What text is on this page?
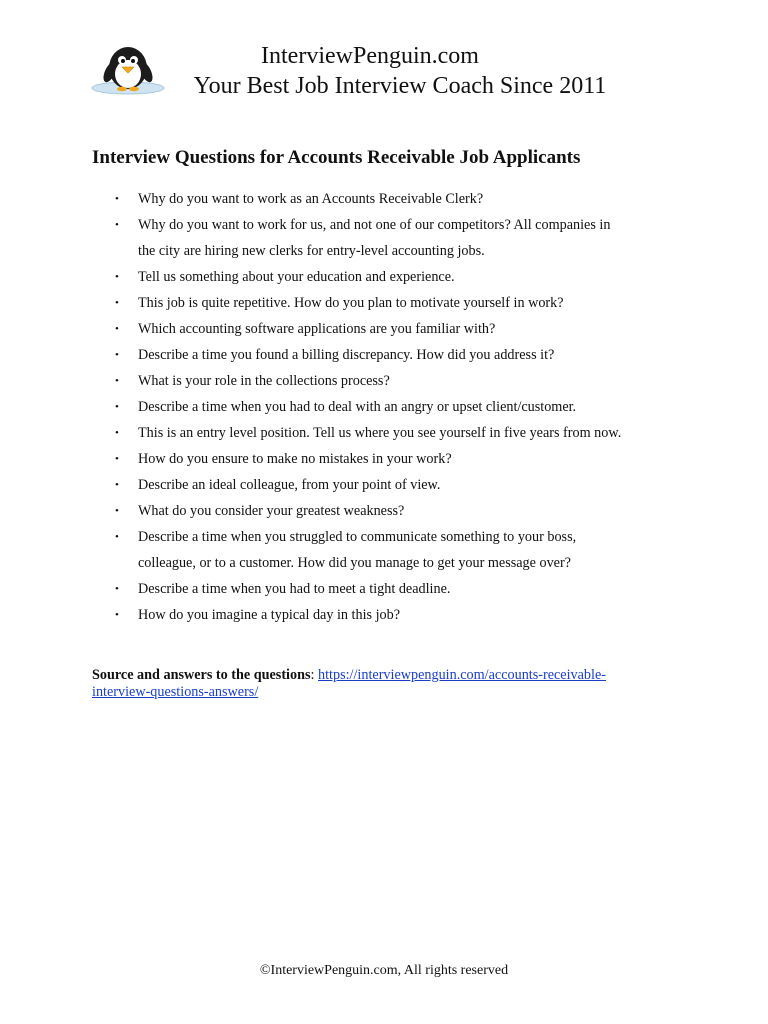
InterviewPenguin.com
Your Best Job Interview Coach Since 2011
Interview Questions for Accounts Receivable Job Applicants
• Why do you want to work as an Accounts Receivable Clerk?
• Why do you want to work for us, and not one of our competitors? All companies in
the city are hiring new clerks for entry-level accounting jobs.
• Tell us something about your education and experience.
• This job is quite repetitive. How do you plan to motivate yourself in work?
• Which accounting software applications are you familiar with?
• Describe a time you found a billing discrepancy. How did you address it?
• What is your role in the collections process?
• Describe a time when you had to deal with an angry or upset client/customer.
• This is an entry level position. Tell us where you see yourself in five years from now.
• How do you ensure to make no mistakes in your work?
• Describe an ideal colleague, from your point of view.
• What do you consider your greatest weakness?
• Describe a time when you struggled to communicate something to your boss,
colleague, or to a customer. How did you manage to get your message over?
• Describe a time when you had to meet a tight deadline.
• How do you imagine a typical day in this job?
Source and answers to the questions: https://interviewpenguin.com/accounts-receivable-
interview-questions-answers/
©InterviewPenguin.com, All rights reserved
